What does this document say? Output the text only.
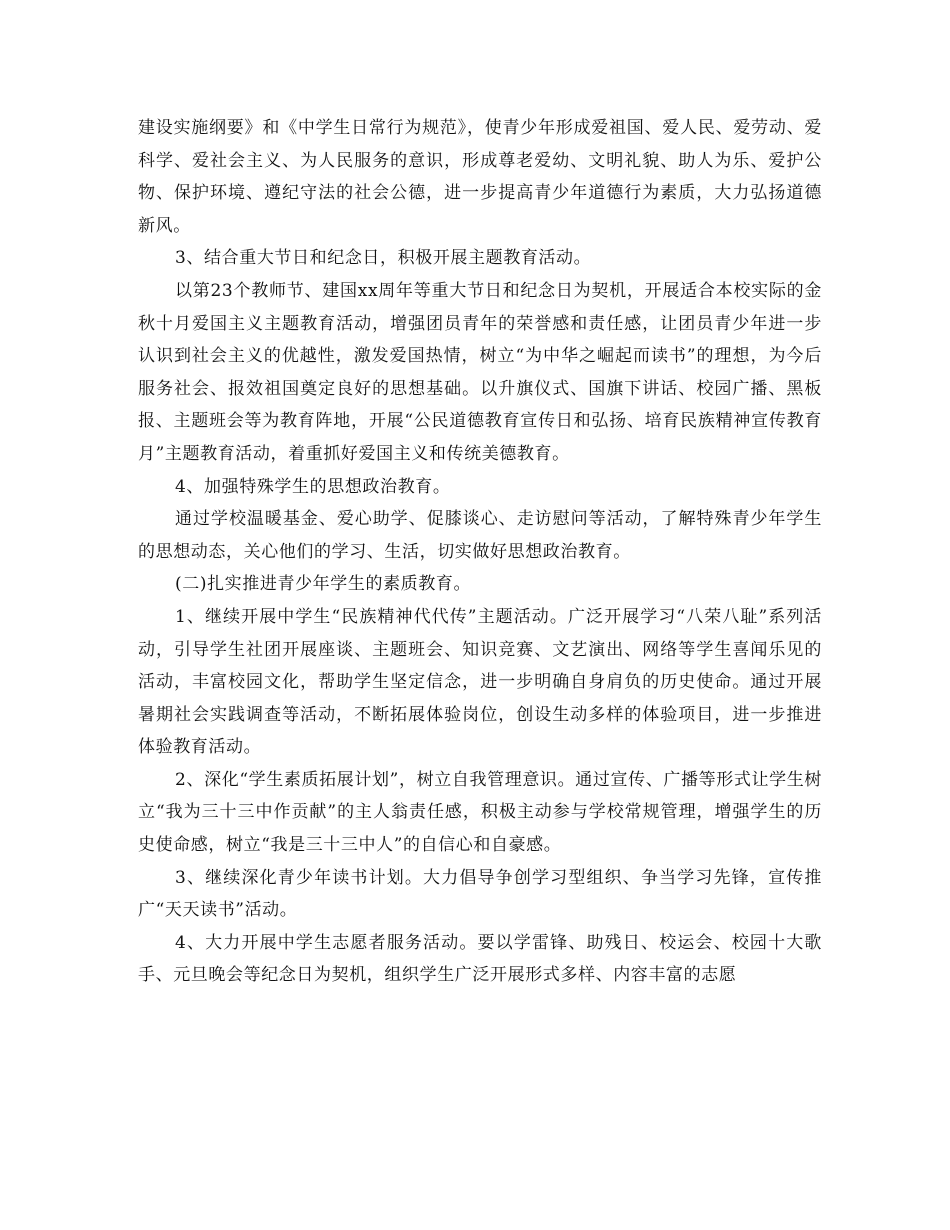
建设实施纲要》和《中学生日常行为规范》，使青少年形成爱祖国、爱人民、爱劳动、爱科学、爱社会主义、为人民服务的意识，形成尊老爱幼、文明礼貌、助人为乐、爱护公物、保护环境、遵纪守法的社会公德，进一步提高青少年道德行为素质，大力弘扬道德新风。

3、结合重大节日和纪念日，积极开展主题教育活动。

以第23个教师节、建国xx周年等重大节日和纪念日为契机，开展适合本校实际的金秋十月爱国主义主题教育活动，增强团员青年的荣誉感和责任感，让团员青少年进一步认识到社会主义的优越性，激发爱国热情，树立“为中华之崛起而读书”的理想，为今后服务社会、报效祖国奠定良好的思想基础。以升旗仪式、国旗下讲话、校园广播、黑板报、主题班会等为教育阵地，开展“公民道德教育宣传日和弘扬、培育民族精神宣传教育月”主题教育活动，着重抓好爱国主义和传统美德教育。

4、加强特殊学生的思想政治教育。

通过学校温暖基金、爱心助学、促膝谈心、走访慰问等活动，了解特殊青少年学生的思想动态，关心他们的学习、生活，切实做好思想政治教育。

(二)扎实推进青少年学生的素质教育。

1、继续开展中学生“民族精神代代传”主题活动。广泛开展学习“八荣八耻”系列活动，引导学生社团开展座谈、主题班会、知识竞赛、文艺演出、网络等学生喜闻乐见的活动，丰富校园文化，帮助学生坚定信念，进一步明确自身肩负的历史使命。通过开展暑期社会实践调查等活动，不断拓展体验岗位，创设生动多样的体验项目，进一步推进体验教育活动。

2、深化“学生素质拓展计划”，树立自我管理意识。通过宣传、广播等形式让学生树立“我为三十三中作贡献”的主人翁责任感，积极主动参与学校常规管理，增强学生的历史使命感，树立“我是三十三中人”的自信心和自豪感。

3、继续深化青少年读书计划。大力倡导争创学习型组织、争当学习先锋，宣传推广“天天读书”活动。

4、大力开展中学生志愿者服务活动。要以学雷锋、助残日、校运会、校园十大歌手、元旦晚会等纪念日为契机，组织学生广泛开展形式多样、内容丰富的志愿
